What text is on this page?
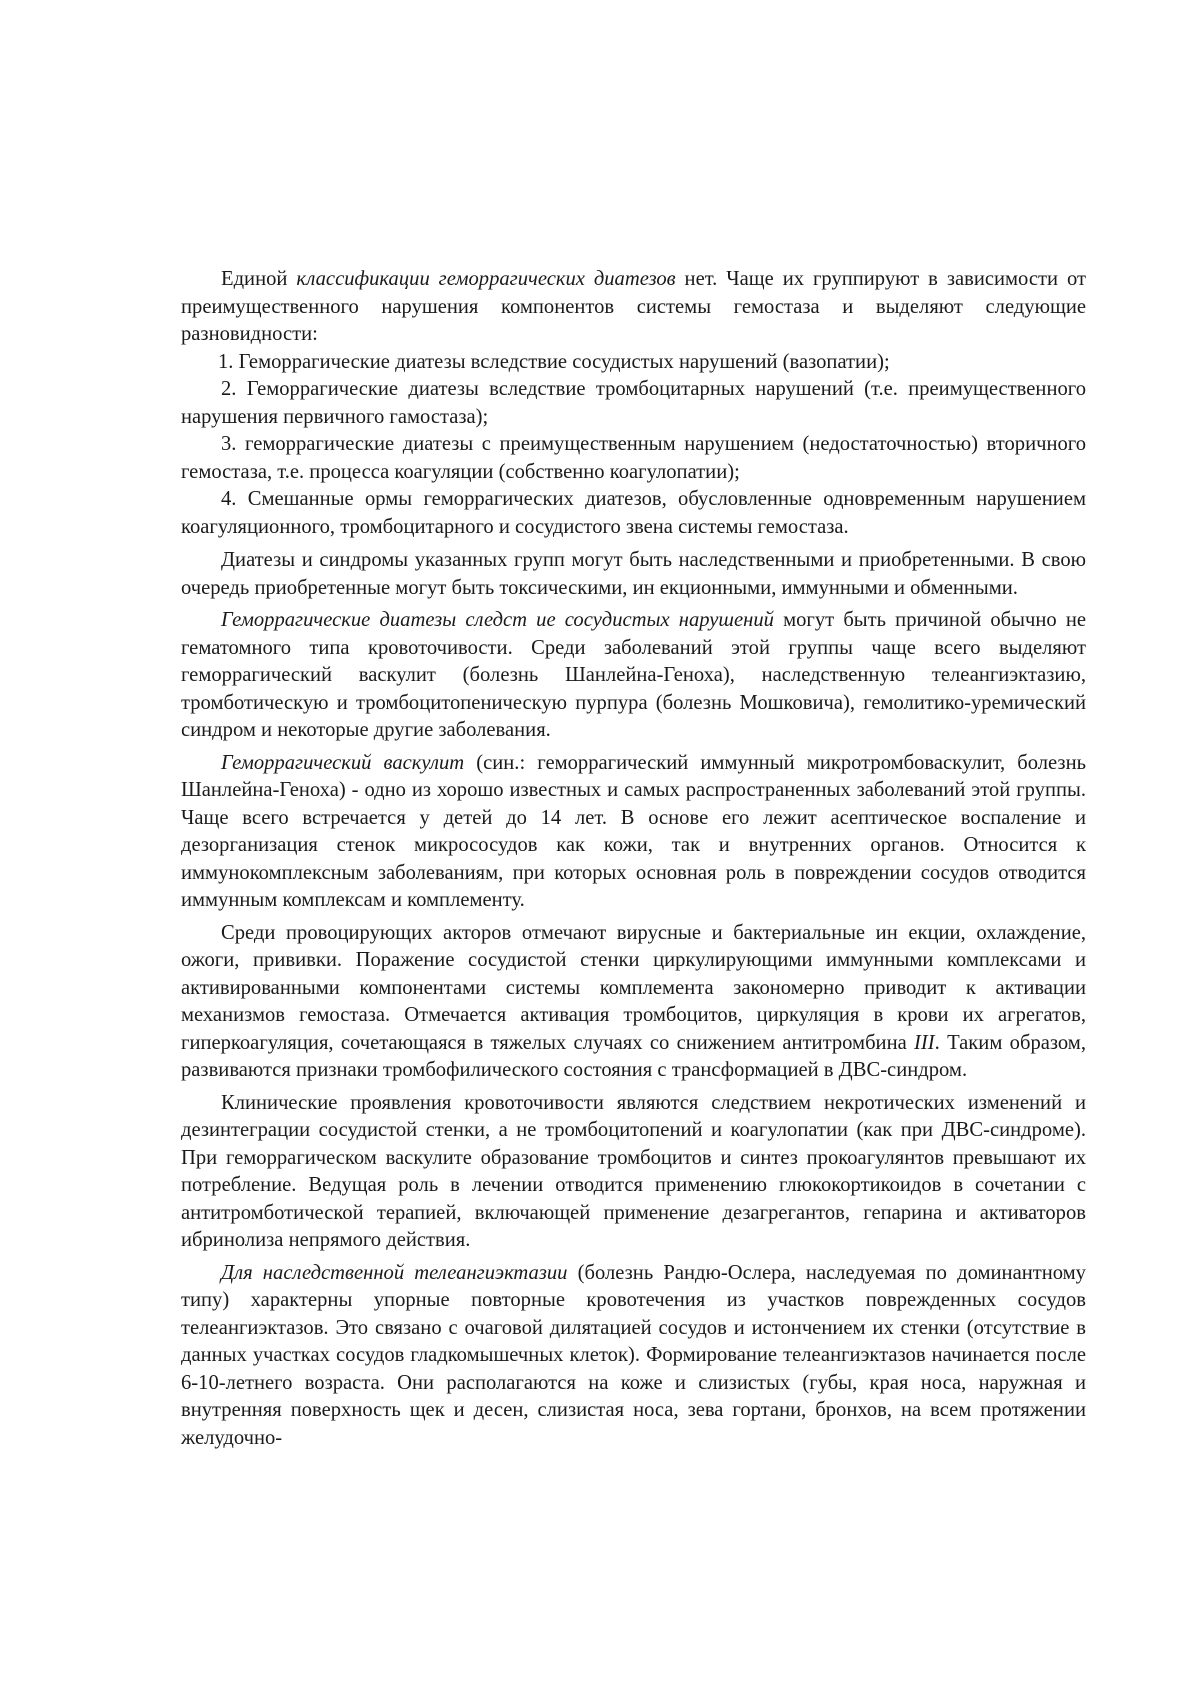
Единой классификации геморрагических диатезов нет. Чаще их группируют в зависимости от преимущественного нарушения компонентов системы гемостаза и выделяют следующие разновидности:

1. Геморрагические диатезы вследствие сосудистых нарушений (вазопатии);

2. Геморрагические диатезы вследствие тромбоцитарных нарушений (т.е. преимущественного нарушения первичного гамостаза);

3. геморрагические диатезы с преимущественным нарушением (недостаточностью) вторичного гемостаза, т.е. процесса коагуляции (собственно коагулопатии);

4. Смешанные ормы геморрагических диатезов, обусловленные одновременным нарушением коагуляционного, тромбоцитарного и сосудистого звена системы гемостаза.

Диатезы и синдромы указанных групп могут быть наследственными и приобретенными. В свою очередь приобретенные могут быть токсическими, ин екционными, иммунными и обменными.

Геморрагические диатезы следст ие сосудистых нарушений могут быть причиной обычно не гематомного типа кровоточивости. Среди заболеваний этой группы чаще всего выделяют геморрагический васкулит (болезнь Шанлейна-Геноха), наследственную телеангиэктазию, тромботическую и тромбоцитопеническую пурпура (болезнь Мошковича), гемолитико-уремический синдром и некоторые другие заболевания.

Геморрагический васкулит (син.: геморрагический иммунный микротромбоваскулит, болезнь Шанлейна-Геноха) - одно из хорошо известных и самых распространенных заболеваний этой группы. Чаще всего встречается у детей до 14 лет. В основе его лежит асептическое воспаление и дезорганизация стенок микрососудов как кожи, так и внутренних органов. Относится к иммунокомплексным заболеваниям, при которых основная роль в повреждении сосудов отводится иммунным комплексам и комплементу.

Среди провоцирующих акторов отмечают вирусные и бактериальные ин екции, охлаждение, ожоги, прививки. Поражение сосудистой стенки циркулирующими иммунными комплексами и активированными компонентами системы комплемента закономерно приводит к активации механизмов гемостаза. Отмечается активация тромбоцитов, циркуляция в крови их агрегатов, гиперкоагуляция, сочетающаяся в тяжелых случаях со снижением антитромбина III. Таким образом, развиваются признаки тромбофилического состояния с трансформацией в ДВС-синдром.

Клинические проявления кровоточивости являются следствием некротических изменений и дезинтеграции сосудистой стенки, а не тромбоцитопений и коагулопатии (как при ДВС-синдроме). При геморрагическом васкулите образование тромбоцитов и синтез прокоагулянтов превышают их потребление. Ведущая роль в лечении отводится применению глюкокортикоидов в сочетании с антитромботической терапией, включающей применение дезагрегантов, гепарина и активаторов ибринолиза непрямого действия.

Для наследственной телеангиэктазии (болезнь Рандю-Ослера, наследуемая по доминантному типу) характерны упорные повторные кровотечения из участков поврежденных сосудов телеангиэктазов. Это связано с очаговой дилятацией сосудов и истончением их стенки (отсутствие в данных участках сосудов гладкомышечных клеток). Формирование телеангиэктазов начинается после 6-10-летнего возраста. Они располагаются на коже и слизистых (губы, края носа, наружная и внутренняя поверхность щек и десен, слизистая носа, зева гортани, бронхов, на всем протяжении желудочно-
